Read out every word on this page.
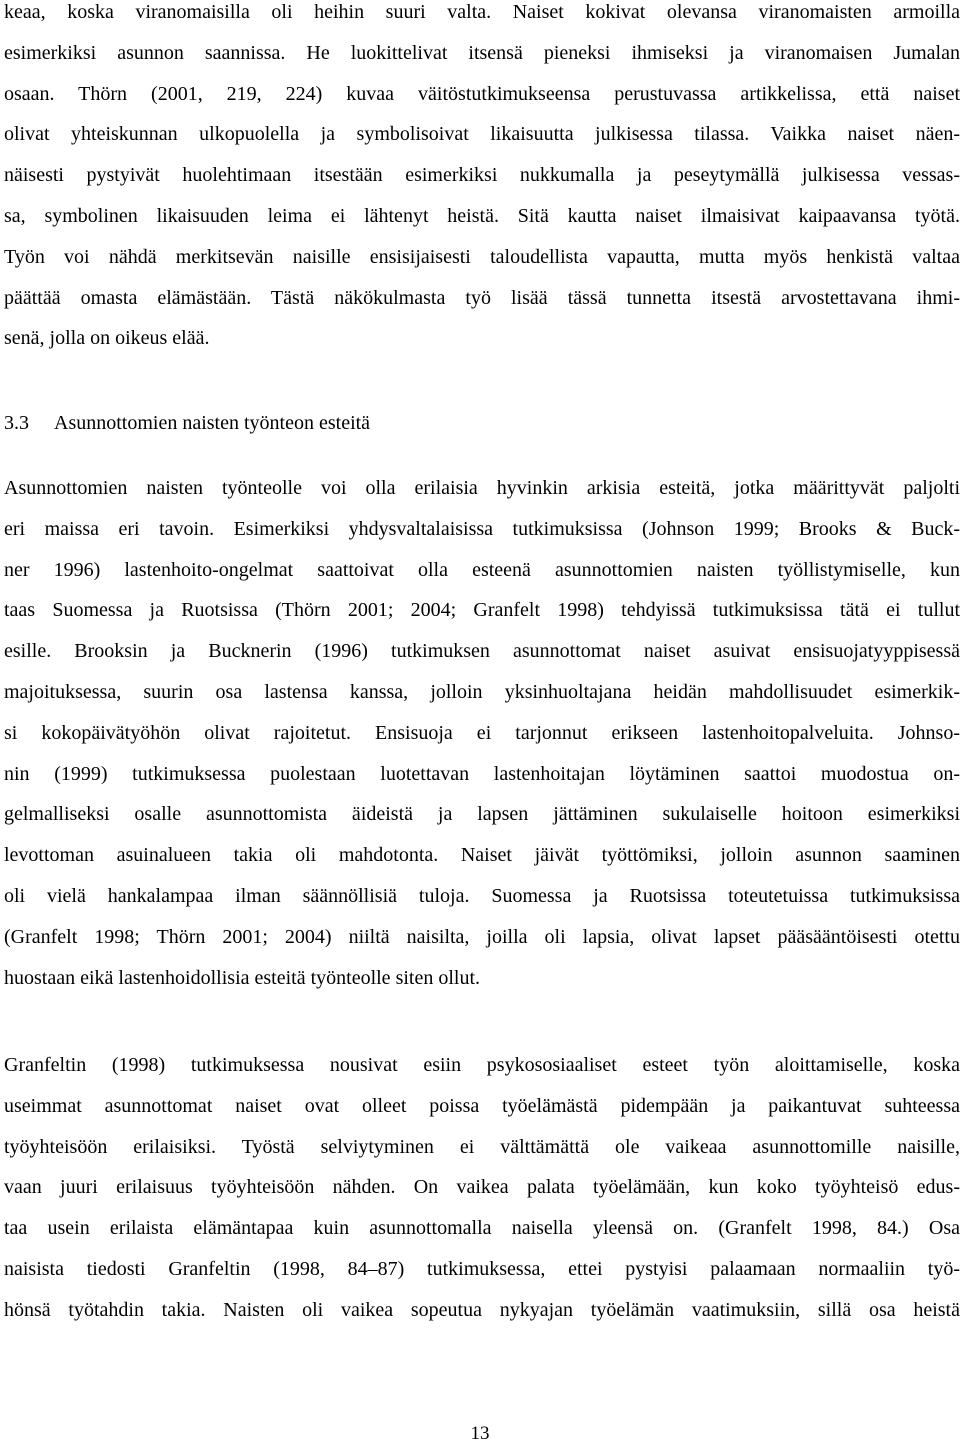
keaa, koska viranomaisilla oli heihin suuri valta. Naiset kokivat olevansa viranomaisten armoilla
esimerkiksi asunnon saannissa. He luokittelivat itsensä pieneksi ihmiseksi ja viranomaisen Jumalan
osaan. Thörn (2001, 219, 224) kuvaa väitöstutkimukseensa perustuvassa artikkelissa, että naiset
olivat yhteiskunnan ulkopuolella ja symbolisoivat likaisuutta julkisessa tilassa. Vaikka naiset näen-
näisesti pystyivät huolehtimaan itsestään esimerkiksi nukkumalla ja peseytymällä julkisessa vessas-
sa, symbolinen likaisuuden leima ei lähtenyt heistä. Sitä kautta naiset ilmaisivat kaipaavansa työtä.
Työn voi nähdä merkitsevän naisille ensisijaisesti taloudellista vapautta, mutta myös henkistä valtaa
päättää omasta elämästään. Tästä näkökulmasta työ lisää tässä tunnetta itsestä arvostettavana ihmi-
senä, jolla on oikeus elää.
3.3 Asunnottomien naisten työnteon esteitä
Asunnottomien naisten työnteolle voi olla erilaisia hyvinkin arkisia esteitä, jotka määrittyvät paljolti
eri maissa eri tavoin. Esimerkiksi yhdysvaltalaisissa tutkimuksissa (Johnson 1999; Brooks & Buck-
ner 1996) lastenhoito-ongelmat saattoivat olla esteenä asunnottomien naisten työllistymiselle, kun
taas Suomessa ja Ruotsissa (Thörn 2001; 2004; Granfelt 1998) tehdyissä tutkimuksissa tätä ei tullut
esille. Brooksin ja Bucknerin (1996) tutkimuksen asunnottomat naiset asuivat ensisuojatyyppisessä
majoituksessa, suurin osa lastensa kanssa, jolloin yksinhuoltajana heidän mahdollisuudet esimerkik-
si kokopäivätyöhön olivat rajoitetut. Ensisuoja ei tarjonnut erikseen lastenhoitopalveluita. Johnso-
nin (1999) tutkimuksessa puolestaan luotettavan lastenhoitajan löytäminen saattoi muodostua on-
gelmalliseksi osalle asunnottomista äideistä ja lapsen jättäminen sukulaiselle hoitoon esimerkiksi
levottoman asuinalueen takia oli mahdotonta. Naiset jäivät työttömiksi, jolloin asunnon saaminen
oli vielä hankalampaa ilman säännöllisiä tuloja. Suomessa ja Ruotsissa toteutetuissa tutkimuksissa
(Granfelt 1998; Thörn 2001; 2004) niiltä naisilta, joilla oli lapsia, olivat lapset pääsääntöisesti otettu
huostaan eikä lastenhoidollisia esteitä työnteolle siten ollut.
Granfeltin (1998) tutkimuksessa nousivat esiin psykososiaaliset esteet työn aloittamiselle, koska
useimmat asunnottomat naiset ovat olleet poissa työelämästä pidempään ja paikantuvat suhteessa
työyhteisöön erilaisiksi. Työstä selviytyminen ei välttämättä ole vaikeaa asunnottomille naisille,
vaan juuri erilaisuus työyhteisöön nähden. On vaikea palata työelämään, kun koko työyhteisö edus-
taa usein erilaista elämäntapaa kuin asunnottomalla naisella yleensä on. (Granfelt 1998, 84.) Osa
naisista tiedosti Granfeltin (1998, 84–87) tutkimuksessa, ettei pystyisi palaamaan normaaliin työ-
hönsä työtahdin takia. Naisten oli vaikea sopeutua nykyajan työelämän vaatimuksiin, sillä osa heistä
13
